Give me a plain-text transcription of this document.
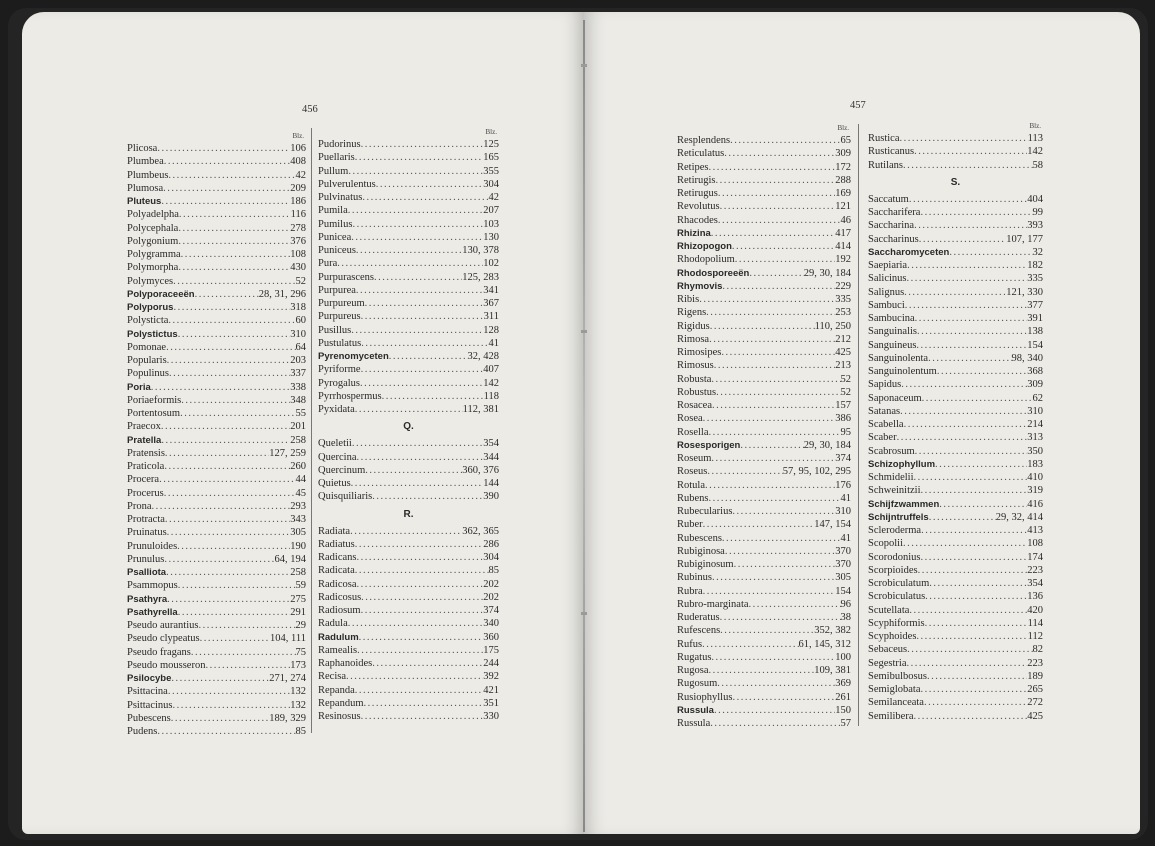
456	457
Blz.
Plicosa .....	106
Plumbea .....	408
Plumbeus .....	42
Plumosa .....	209
Pluteus .....	186
Polyadelpha .....	116
Polycephala .....	278
Polygonium .....	376
Polygramma .....	108
Polymorpha .....	430
Polymyces .....	52
Polyporaceeën .....	28, 31, 296
Polyporus .....	318
Polysticta .....	60
Polystictus .....	310
Pomonae .....	64
Popularis .....	203
Populinus .....	337
Poria .....	338
Poriaeformis .....	348
Portentosum .....	55
Praecox .....	201
Pratella .....	258
Pratensis .....	127, 259
Praticola .....	260
Procera .....	44
Procerus .....	45
Prona .....	293
Protracta .....	343
Pruinatus .....	305
Prunuloides .....	190
Prunulus .....	64, 194
Psalliota .....	258
Psammopus .....	59
Psathyra .....	275
Psathyrella .....	291
Pseudo aurantius .....	29
Pseudo clypeatus .....	104, 111
Pseudo fragans .....	75
Pseudo mousseron .....	173
Psilocybe .....	271, 274
Psittacina .....	132
Psittacinus .....	132
Pubescens .....	189, 329
Pudens .....	85
Blz.
Pudorinus .....	125
Puellaris .....	165
Pullum .....	355
Pulverulentus .....	304
Pulvinatus .....	42
Pumila .....	207
Pumilus .....	103
Punicea .....	130
Puniceus .....	130, 378
Pura .....	102
Purpurascens .....	125, 283
Purpurea .....	341
Purpureum .....	367
Purpureus .....	311
Pusillus .....	128
Pustulatus .....	41
Pyrenomyceten .....	32, 428
Pyriforme .....	407
Pyrogalus .....	142
Pyrrhospermus .....	118
Pyxidata .....	112, 381
Q.
Queletii .....	354
Quercina .....	344
Quercinum .....	360, 376
Quietus .....	144
Quisquiliaris .....	390
R.
Radiata .....	362, 365
Radiatus .....	286
Radicans .....	304
Radicata .....	85
Radicosa .....	202
Radicosus .....	202
Radiosum .....	374
Radula .....	340
Radulum .....	360
Ramealis .....	175
Raphanoides .....	244
Recisa .....	392
Repanda .....	421
Repandum .....	351
Resinosus .....	330
Blz.
Resplendens .....	65
Reticulatus .....	309
Retipes .....	172
Retirugis .....	288
Retirugus .....	169
Revolutus .....	121
Rhacodes .....	46
Rhizina .....	417
Rhizopogon .....	414
Rhodopolium .....	192
Rhodosporeeën .....	29, 30, 184
Rhymovis .....	229
Ribis .....	335
Rigens .....	253
Rigidus .....	110, 250
Rimosa .....	212
Rimosipes .....	425
Rimosus .....	213
Robusta .....	52
Robustus .....	52
Rosacea .....	157
Rosea .....	386
Rosella .....	95
Rosesporigen .....	29, 30, 184
Roseum .....	374
Roseus .....	57, 95, 102, 295
Rotula .....	176
Rubens .....	41
Rubecularius .....	310
Ruber .....	147, 154
Rubescens .....	41
Rubiginosa .....	370
Rubiginosum .....	370
Rubinus .....	305
Rubra .....	154
Rubro-marginata .....	96
Ruderatus .....	38
Rufescens .....	352, 382
Rufus .....	61, 145, 312
Rugatus .....	100
Rugosa .....	109, 381
Rugosum .....	369
Rusiophyllus .....	261
Russula .....	150
Russula .....	57
Blz.
Rustica .....	113
Rusticanus .....	142
Rutilans .....	58
S.
Saccatum .....	404
Saccharifera .....	99
Saccharina .....	393
Saccharinus .....	107, 177
Saccharomyceten .....	32
Saepiaria .....	182
Salicinus .....	335
Salignus .....	121, 330
Sambuci .....	377
Sambucina .....	391
Sanguinalis .....	138
Sanguineus .....	154
Sanguinolenta .....	98, 340
Sanguinolentum .....	368
Sapidus .....	309
Saponaceum .....	62
Satanas .....	310
Scabella .....	214
Scaber .....	313
Scabrosum .....	350
Schizophyllum .....	183
Schmidelii .....	410
Schweinitzii .....	319
Schijfzwammen .....	416
Schijntruffels .....	29, 32, 414
Scleroderma .....	413
Scopolii .....	108
Scorodonius .....	174
Scorpioides .....	223
Scrobiculatum .....	354
Scrobiculatus .....	136
Scutellata .....	420
Scyphiformis .....	114
Scyphoides .....	112
Sebaceus .....	82
Segestria .....	223
Semibulbosus .....	189
Semiglobata .....	265
Semilanceata .....	272
Semilibera .....	425
